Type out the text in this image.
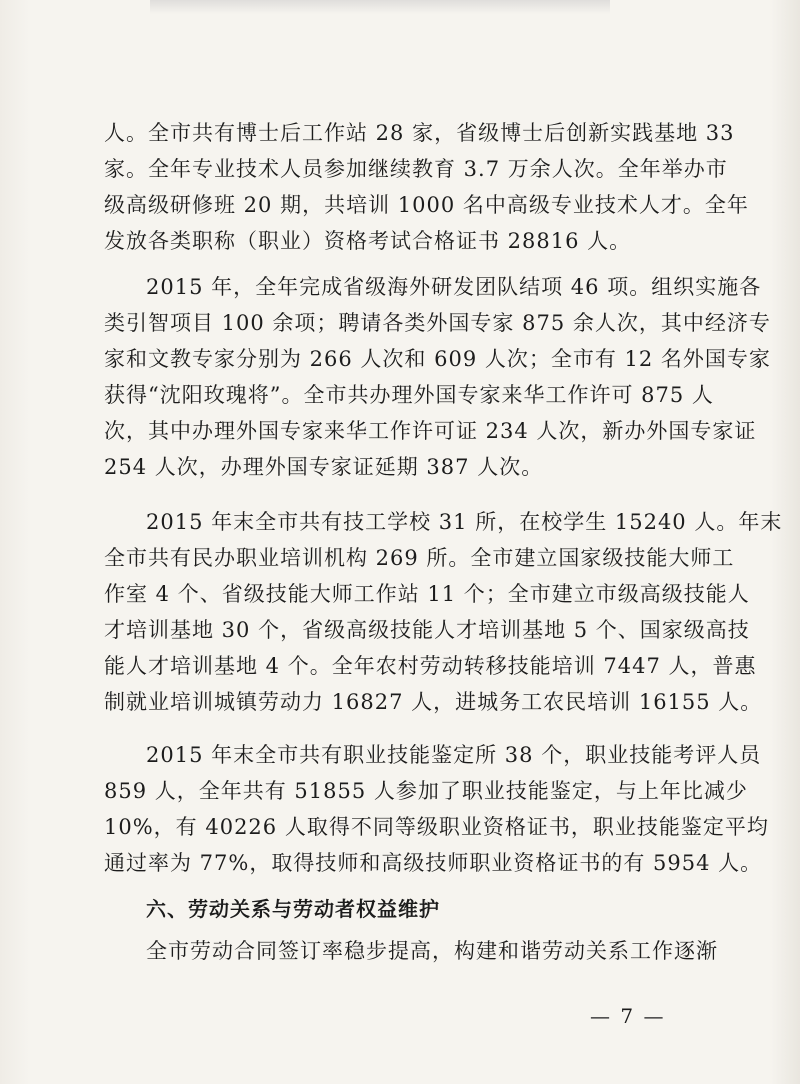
人。全市共有博士后工作站 28 家，省级博士后创新实践基地 33
家。全年专业技术人员参加继续教育 3.7 万余人次。全年举办市
级高级研修班 20 期，共培训 1000 名中高级专业技术人才。全年
发放各类职称（职业）资格考试合格证书 28816 人。
2015 年，全年完成省级海外研发团队结项 46 项。组织实施各
类引智项目 100 余项；聘请各类外国专家 875 余人次，其中经济专
家和文教专家分别为 266 人次和 609 人次；全市有 12 名外国专家
获得“沈阳玫瑰将”。全市共办理外国专家来华工作许可 875 人
次，其中办理外国专家来华工作许可证 234 人次，新办外国专家证
254 人次，办理外国专家证延期 387 人次。
2015 年末全市共有技工学校 31 所，在校学生 15240 人。年末
全市共有民办职业培训机构 269 所。全市建立国家级技能大师工
作室 4 个、省级技能大师工作站 11 个；全市建立市级高级技能人
才培训基地 30 个，省级高级技能人才培训基地 5 个、国家级高技
能人才培训基地 4 个。全年农村劳动转移技能培训 7447 人，普惠
制就业培训城镇劳动力 16827 人，进城务工农民培训 16155 人。
2015 年末全市共有职业技能鉴定所 38 个，职业技能考评人员
859 人，全年共有 51855 人参加了职业技能鉴定，与上年比减少
10%，有 40226 人取得不同等级职业资格证书，职业技能鉴定平均
通过率为 77%，取得技师和高级技师职业资格证书的有 5954 人。
六、劳动关系与劳动者权益维护
全市劳动合同签订率稳步提高，构建和谐劳动关系工作逐渐
— 7 —
